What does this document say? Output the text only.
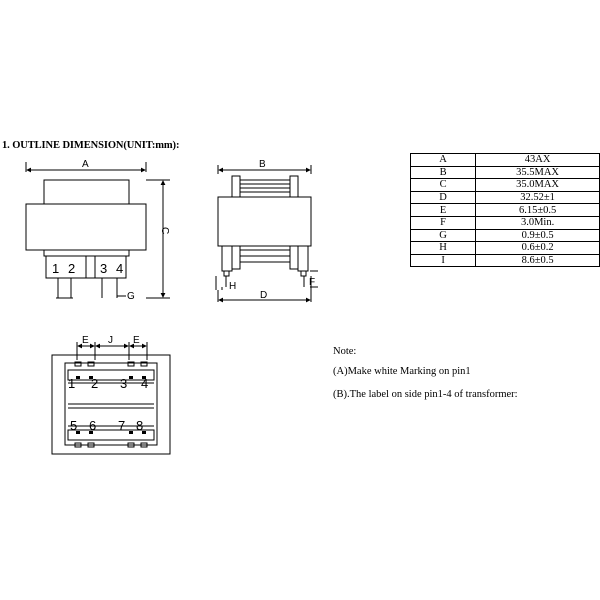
1. OUTLINE DIMENSION(UNIT:mm):
A
C
G
1 2 3 4
B
H
D
F
E J E
1 2 3 4
5 6 7 8
A	43AX
B	35.5MAX
C	35.0MAX
D	32.52±1
E	6.15±0.5
F	3.0Min.
G	0.9±0.5
H	0.6±0.2
I	8.6±0.5
Note:
(A)Make white Marking on pin1
(B).The label on side pin1-4 of transformer:
